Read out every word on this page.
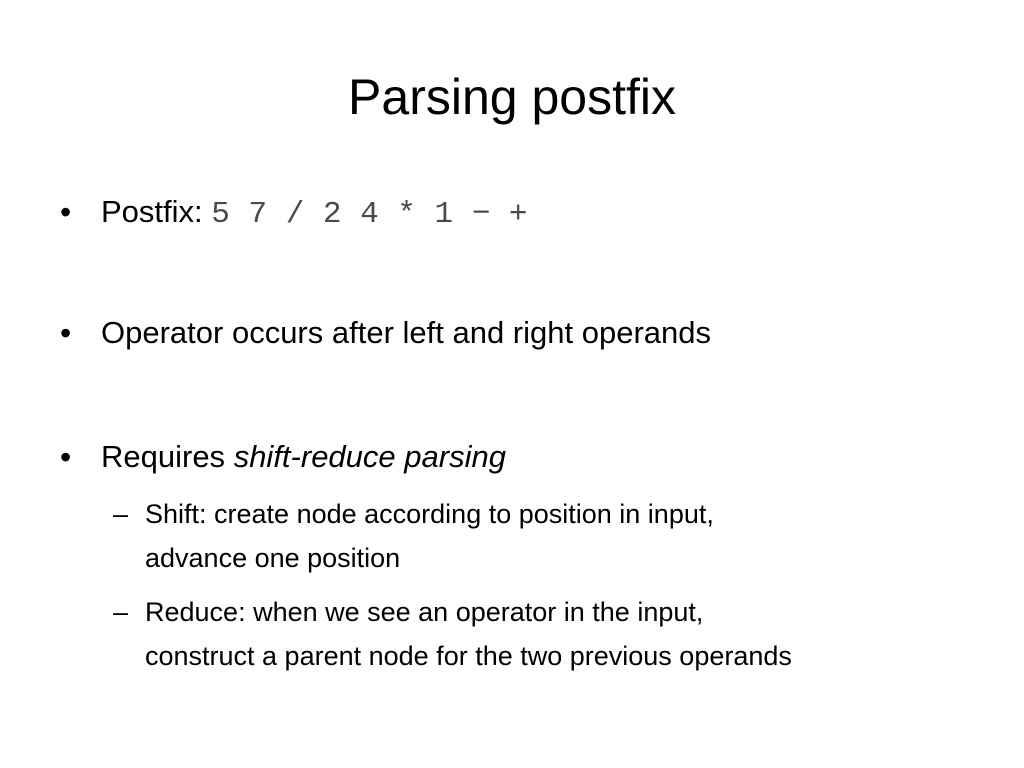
Parsing postfix
• Postfix: 5 7 / 2 4 * 1 − +
• Operator occurs after left and right operands
• Requires shift-reduce parsing
– Shift: create node according to position in input,
advance one position
– Reduce: when we see an operator in the input,
construct a parent node for the two previous operands
